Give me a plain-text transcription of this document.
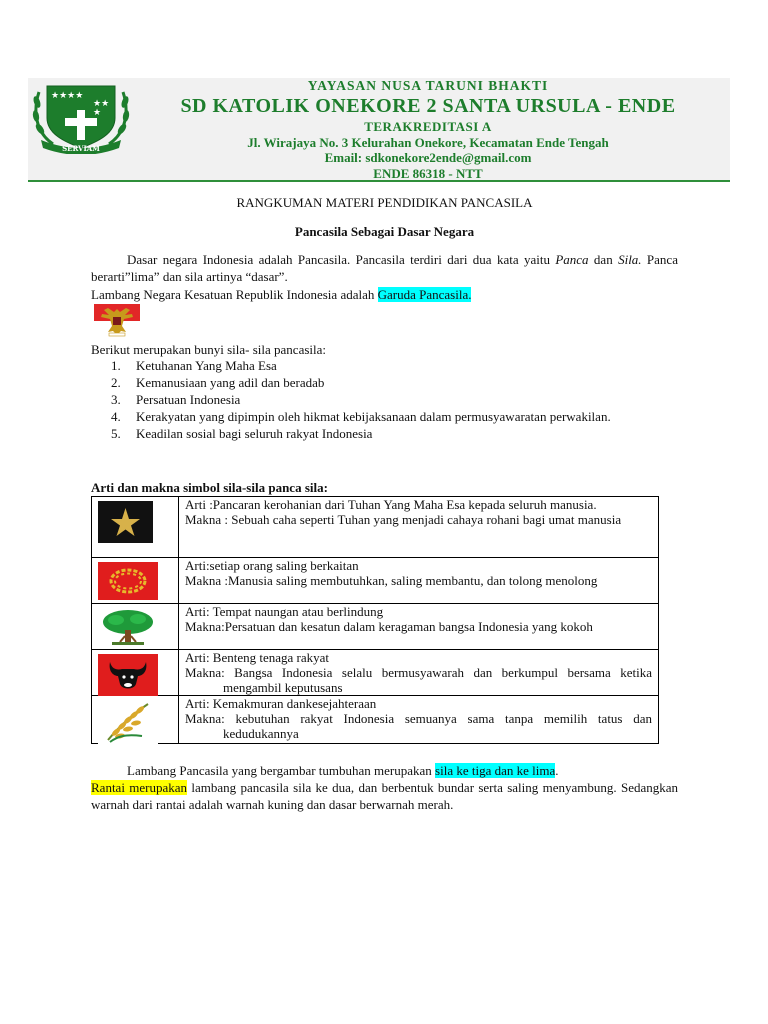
★★★★
★★
★
SERVIAM
YAYASAN NUSA TARUNI BHAKTI
SD KATOLIK ONEKORE 2 SANTA URSULA - ENDE
TERAKREDITASI A
Jl. Wirajaya No. 3 Kelurahan Onekore, Kecamatan Ende Tengah
Email: sdkonekore2ende@gmail.com
ENDE 86318 - NTT
RANGKUMAN MATERI PENDIDIKAN PANCASILA
Pancasila Sebagai Dasar Negara
Dasar negara Indonesia adalah Pancasila. Pancasila terdiri dari dua kata yaitu Panca dan Sila. Panca berarti”lima” dan sila artinya “dasar”.
Lambang Negara Kesatuan Republik Indonesia adalah Garuda Pancasila.
Berikut merupakan bunyi sila- sila pancasila:
1. Ketuhanan Yang Maha Esa
2. Kemanusiaan yang adil dan beradab
3. Persatuan Indonesia
4. Kerakyatan yang dipimpin oleh hikmat kebijaksanaan dalam permusyawaratan perwakilan.
5. Keadilan sosial bagi seluruh rakyat Indonesia
Arti dan makna simbol sila-sila panca sila:

Arti :Pancaran kerohanian dari Tuhan Yang Maha Esa kepada seluruh manusia.
Makna : Sebuah caha seperti Tuhan yang menjadi cahaya rohani bagi umat manusia

Arti:setiap orang saling berkaitan
Makna :Manusia saling membutuhkan, saling membantu, dan tolong menolong

Arti: Tempat naungan atau berlindung
Makna:Persatuan dan kesatun dalam keragaman bangsa Indonesia yang kokoh

Arti: Benteng tenaga rakyat
Makna: Bangsa Indonesia selalu bermusyawarah dan berkumpul bersama ketika mengambil keputusans

Arti: Kemakmuran dankesejahteraan
Makna: kebutuhan rakyat Indonesia semuanya sama tanpa memilih tatus dan kedudukannya

Lambang Pancasila yang bergambar tumbuhan merupakan sila ke tiga dan ke lima.

Rantai merupakan lambang pancasila sila ke dua, dan berbentuk bundar serta saling menyambung. Sedangkan warnah dari rantai adalah warnah kuning dan dasar berwarnah merah.
